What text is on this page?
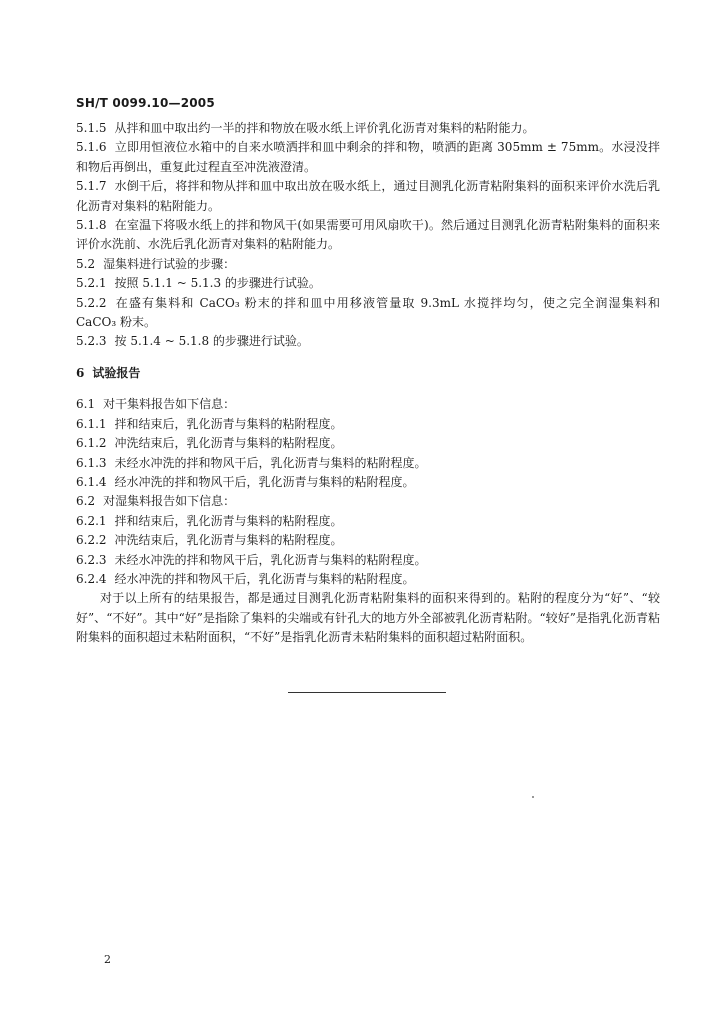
SH/T 0099.10—2005

5.1.5 从拌和皿中取出约一半的拌和物放在吸水纸上评价乳化沥青对集料的粘附能力。

5.1.6 立即用恒液位水箱中的自来水喷洒拌和皿中剩余的拌和物，喷洒的距离 305mm ± 75mm。水浸没拌和物后再倒出，重复此过程直至冲洗液澄清。

5.1.7 水倒干后，将拌和物从拌和皿中取出放在吸水纸上，通过目测乳化沥青粘附集料的面积来评价水洗后乳化沥青对集料的粘附能力。

5.1.8 在室温下将吸水纸上的拌和物风干(如果需要可用风扇吹干)。然后通过目测乳化沥青粘附集料的面积来评价水洗前、水洗后乳化沥青对集料的粘附能力。

5.2 湿集料进行试验的步骤：

5.2.1 按照 5.1.1 ~ 5.1.3 的步骤进行试验。

5.2.2 在盛有集料和 CaCO₃ 粉末的拌和皿中用移液管量取 9.3mL 水搅拌均匀，使之完全润湿集料和 CaCO₃ 粉末。

5.2.3 按 5.1.4 ~ 5.1.8 的步骤进行试验。

6 试验报告

6.1 对干集料报告如下信息：

6.1.1 拌和结束后，乳化沥青与集料的粘附程度。

6.1.2 冲洗结束后，乳化沥青与集料的粘附程度。

6.1.3 未经水冲洗的拌和物风干后，乳化沥青与集料的粘附程度。

6.1.4 经水冲洗的拌和物风干后，乳化沥青与集料的粘附程度。

6.2 对湿集料报告如下信息：

6.2.1 拌和结束后，乳化沥青与集料的粘附程度。

6.2.2 冲洗结束后，乳化沥青与集料的粘附程度。

6.2.3 未经水冲洗的拌和物风干后，乳化沥青与集料的粘附程度。

6.2.4 经水冲洗的拌和物风干后，乳化沥青与集料的粘附程度。

对于以上所有的结果报告，都是通过目测乳化沥青粘附集料的面积来得到的。粘附的程度分为“好”、“较好”、“不好”。其中“好”是指除了集料的尖端或有针孔大的地方外全部被乳化沥青粘附。“较好”是指乳化沥青粘附集料的面积超过未粘附面积，“不好”是指乳化沥青未粘附集料的面积超过粘附面积。

2
